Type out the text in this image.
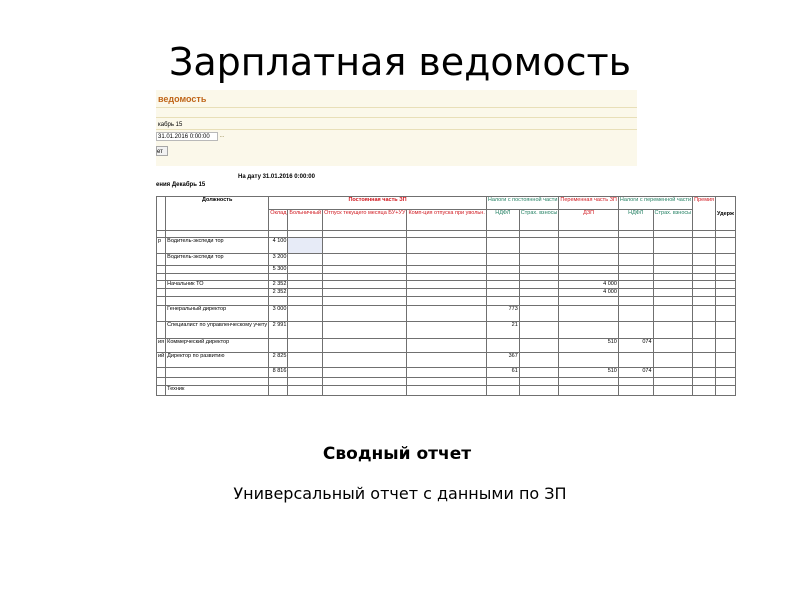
Зарплатная ведомость
ведомость
кабрь 15
31.01.2016 0:00:00	...
ет
На дату 31.01.2016 0:00:00
ения Декабрь 15
	Должность	Постоянная часть ЗП				Налоги с постоянной части		Переменная часть ЗП	Налоги с переменной части		Премия	Удерж
		Оклад	Больничный	Отпуск текущего месяца БУ+УУ	Комп-ция отпуска при увольн.	НДФЛ	Страх. взносы	ДЗП	НДФЛ	Страх. взносы		

р	Водитель-экспеди тор	4 100										
	Водитель-экспеди тор	3 200										
		5 300										

	Начальник ТО	2 352						4 000				
		2 352						4 000				

	Генеральный директор	3 000				773						
	Специалист по управленческому учету	2 991				21						
ия	Коммерческий директор							510	074			
ий	Директор по развитию	2 825				367						
		8 816				61		510	074			

	Техник											
Сводный отчет
Универсальный отчет с данными по ЗП
